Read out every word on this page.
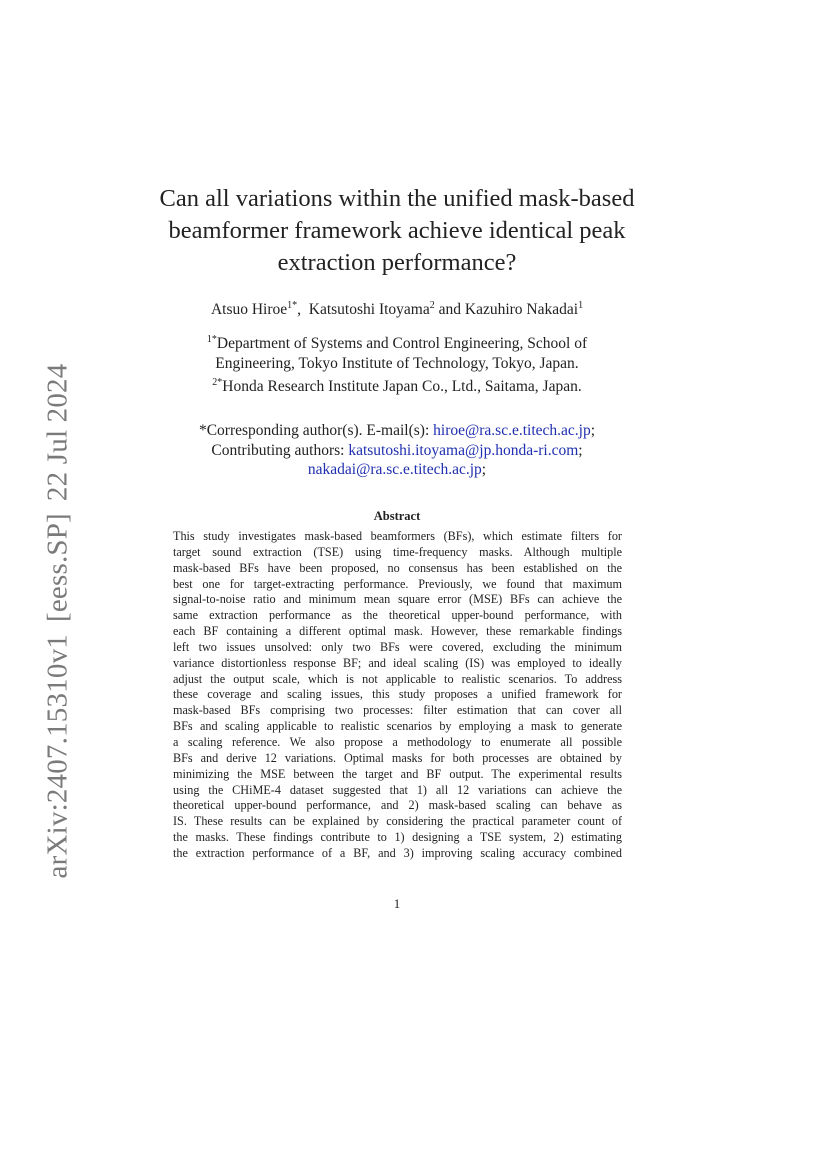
arXiv:2407.15310v1[eess.SP]22 Jul 2024
Can all variations within the unified mask-based
beamformer framework achieve identical peak
extraction performance?
Atsuo Hiroe$^{1*}$, Katsutoshi Itoyama$^2$ and Kazuhiro Nakadai$^1$
$^{1*}$Department of Systems and Control Engineering, School of
Engineering, Tokyo Institute of Technology, Tokyo, Japan.
$^{2*}$Honda Research Institute Japan Co., Ltd., Saitama, Japan.
*Corresponding author(s). E-mail(s): hiroe@ra.sc.e.titech.ac.jp;
Contributing authors: katsutoshi.itoyama@jp.honda-ri.com;
nakadai@ra.sc.e.titech.ac.jp;
Abstract
This study investigates mask-based beamformers (BFs), which estimate filters for
target sound extraction (TSE) using time-frequency masks. Although multiple
mask-based BFs have been proposed, no consensus has been established on the
best one for target-extracting performance. Previously, we found that maximum
signal-to-noise ratio and minimum mean square error (MSE) BFs can achieve the
same extraction performance as the theoretical upper-bound performance, with
each BF containing a different optimal mask. However, these remarkable findings
left two issues unsolved: only two BFs were covered, excluding the minimum
variance distortionless response BF; and ideal scaling (IS) was employed to ideally
adjust the output scale, which is not applicable to realistic scenarios. To address
these coverage and scaling issues, this study proposes a unified framework for
mask-based BFs comprising two processes: filter estimation that can cover all
BFs and scaling applicable to realistic scenarios by employing a mask to generate
a scaling reference. We also propose a methodology to enumerate all possible
BFs and derive 12 variations. Optimal masks for both processes are obtained by
minimizing the MSE between the target and BF output. The experimental results
using the CHiME-4 dataset suggested that 1) all 12 variations can achieve the
theoretical upper-bound performance, and 2) mask-based scaling can behave as
IS. These results can be explained by considering the practical parameter count of
the masks. These findings contribute to 1) designing a TSE system, 2) estimating
the extraction performance of a BF, and 3) improving scaling accuracy combined
1
